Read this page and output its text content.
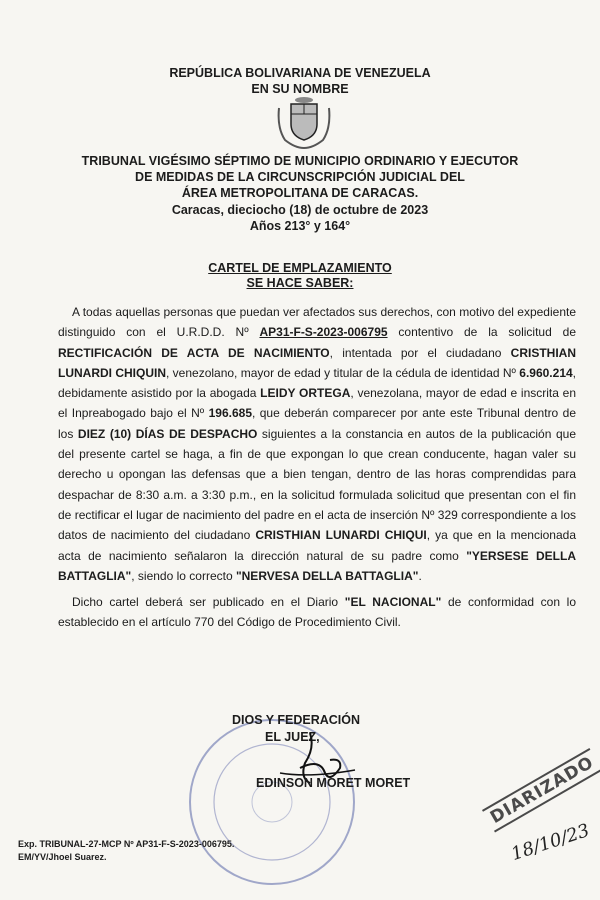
REPÚBLICA BOLIVARIANA DE VENEZUELA
EN SU NOMBRE
TRIBUNAL VIGÉSIMO SÉPTIMO DE MUNICIPIO ORDINARIO Y EJECUTOR
DE MEDIDAS DE LA CIRCUNSCRIPCIÓN JUDICIAL DEL
ÁREA METROPOLITANA DE CARACAS.
Caracas, dieciocho (18) de octubre de 2023
Años 213° y 164°
CARTEL DE EMPLAZAMIENTO
SE HACE SABER:

A todas aquellas personas que puedan ver afectados sus derechos, con motivo del expediente distinguido con el U.R.D.D. Nº AP31-F-S-2023-006795 contentivo de la solicitud de RECTIFICACIÓN DE ACTA DE NACIMIENTO, intentada por el ciudadano CRISTHIAN LUNARDI CHIQUIN, venezolano, mayor de edad y titular de la cédula de identidad Nº 6.960.214, debidamente asistido por la abogada LEIDY ORTEGA, venezolana, mayor de edad e inscrita en el Inpreabogado bajo el Nº 196.685, que deberán comparecer por ante este Tribunal dentro de los DIEZ (10) DÍAS DE DESPACHO siguientes a la constancia en autos de la publicación que del presente cartel se haga, a fin de que expongan lo que crean conducente, hagan valer su derecho u opongan las defensas que a bien tengan, dentro de las horas comprendidas para despachar de 8:30 a.m. a 3:30 p.m., en la solicitud formulada solicitud que presentan con el fin de rectificar el lugar de nacimiento del padre en el acta de inserción Nº 329 correspondiente a los datos de nacimiento del ciudadano CRISTHIAN LUNARDI CHIQUI, ya que en la mencionada acta de nacimiento señalaron la dirección natural de su padre como "YERSESE DELLA BATTAGLIA", siendo lo correcto "NERVESA DELLA BATTAGLIA".

Dicho cartel deberá ser publicado en el Diario "EL NACIONAL" de conformidad con lo establecido en el artículo 770 del Código de Procedimiento Civil.

DIOS Y FEDERACIÓN
EL JUEZ,
EDINSON MORET MORET
Exp. TRIBUNAL-27-MCP Nº AP31-F-S-2023-006795.
EM/YV/Jhoel Suarez.
DIARIZADO
18/10/23
